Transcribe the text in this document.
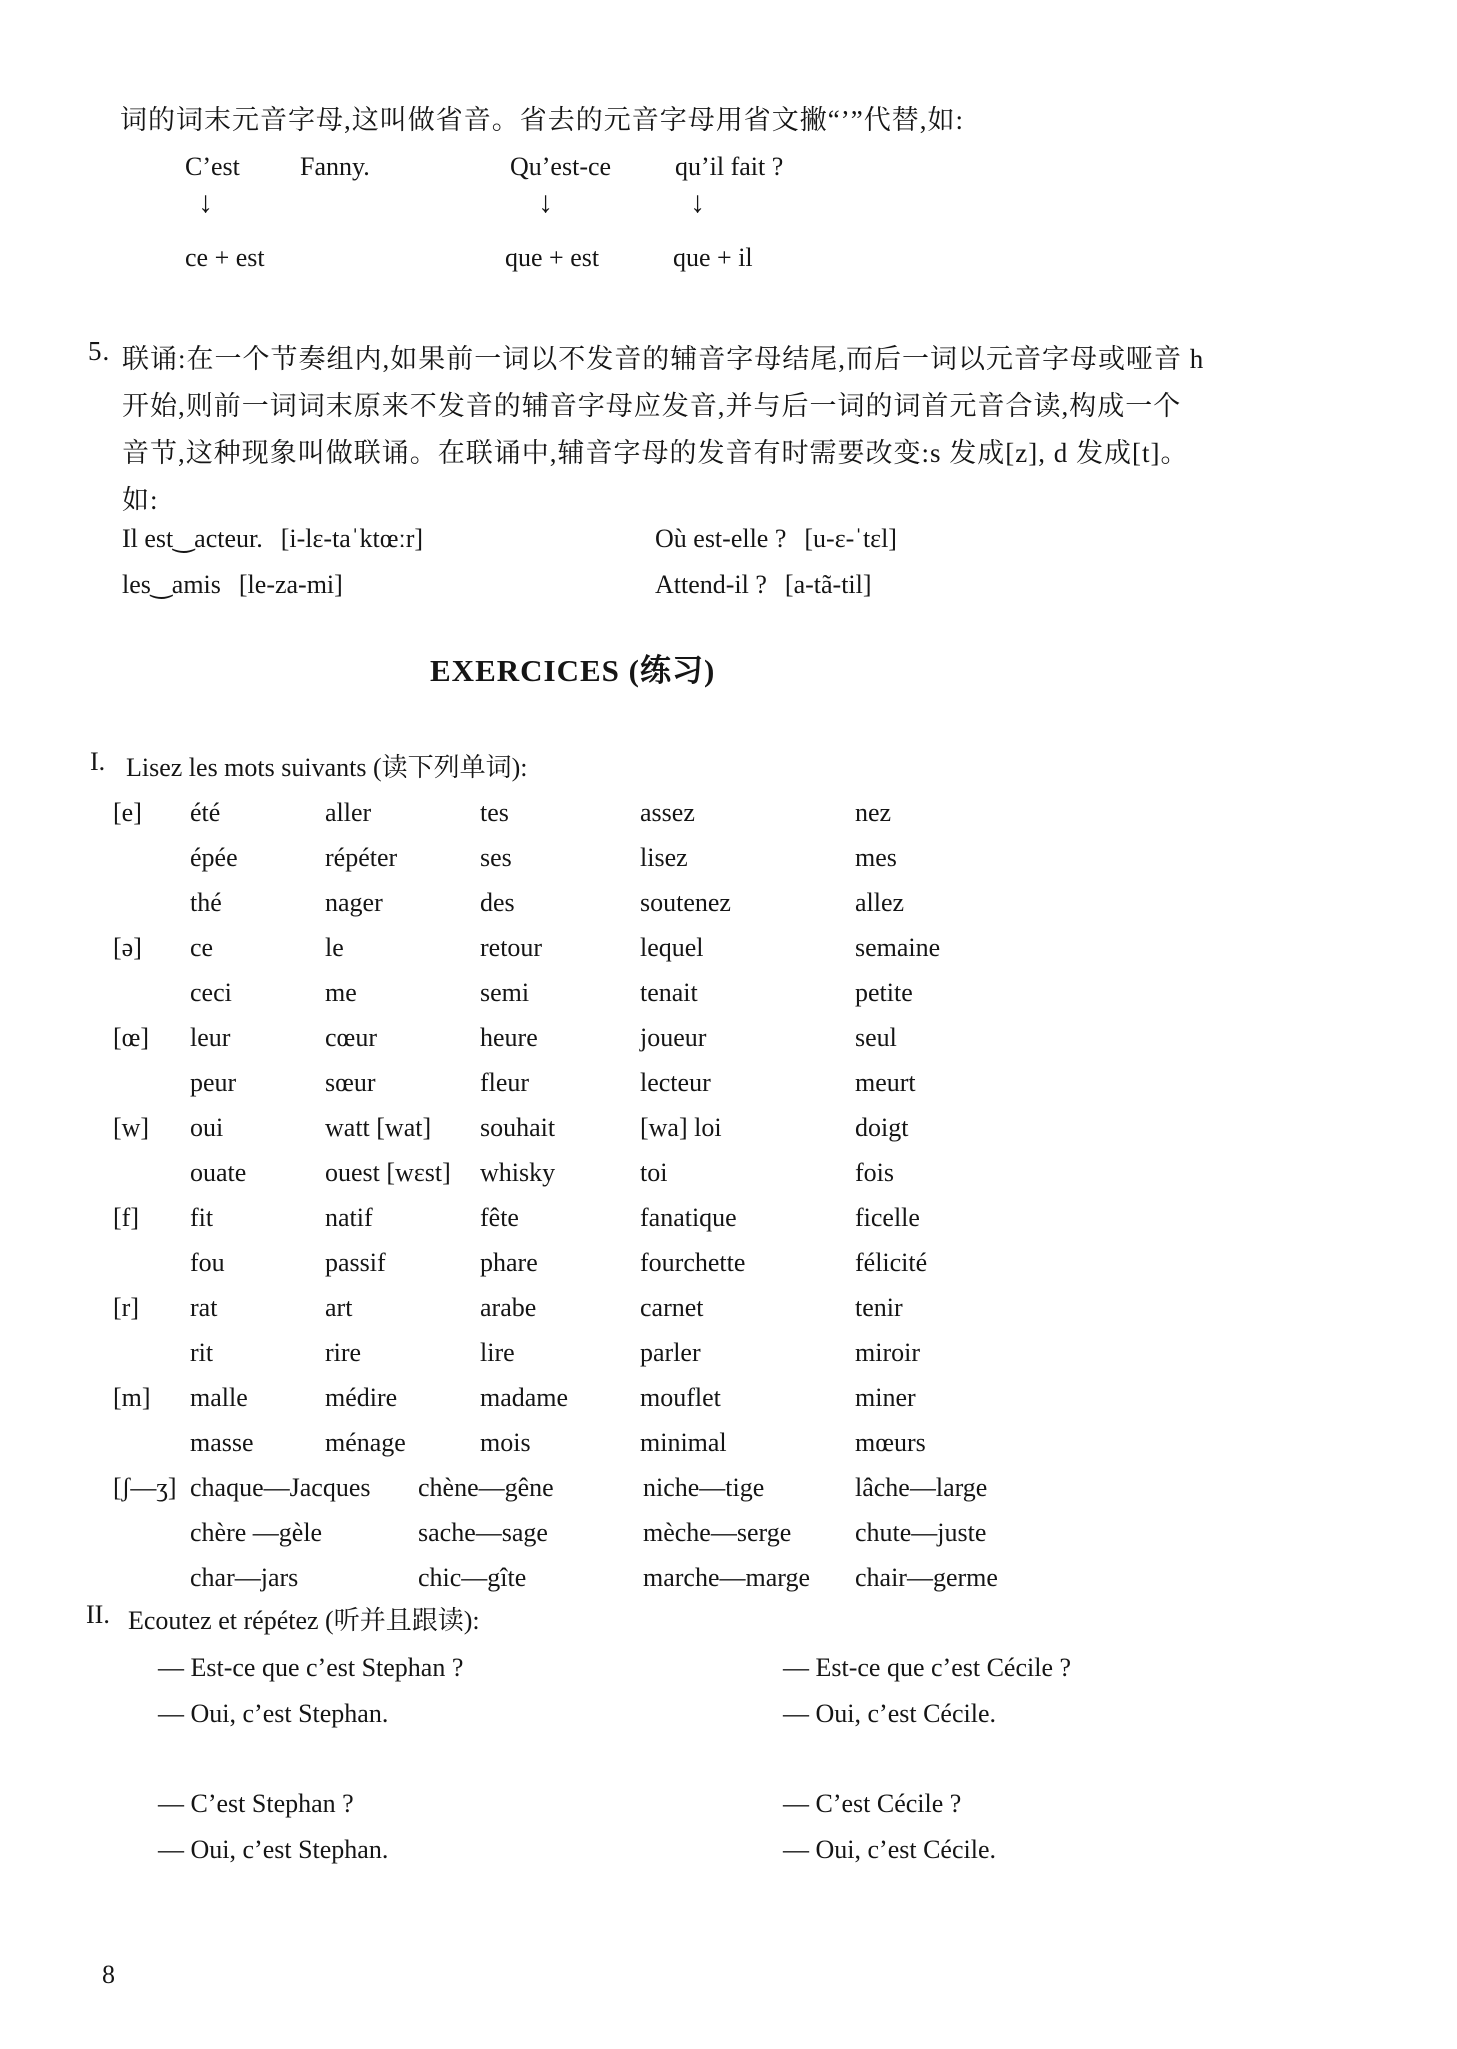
词的词末元音字母,这叫做省音。省去的元音字母用省文撇“’”代替,如:
C’est Fanny.	Qu’est-ce qu’il fait ?
↓	↓	↓
ce + est	que + est	que + il
5. 联诵:在一个节奏组内,如果前一词以不发音的辅音字母结尾,而后一词以元音字母或哑音 h
开始,则前一词词末原来不发音的辅音字母应发音,并与后一词的词首元音合读,构成一个
音节,这种现象叫做联诵。在联诵中,辅音字母的发音有时需要改变:s 发成[z], d 发成[t]。
如:
Il est‿acteur. [i-lɛ-taˈktœːr]
les‿amis [le-za-mi]
Où est-elle ? [u-ɛ-ˈtɛl]
Attend-il ? [a-tã-til]
EXERCICES (练习)
I. Lisez les mots suivants (读下列单词):
[e]	été	aller	tes	assez	nez
épée	répéter	ses	lisez	mes
thé	nager	des	soutenez	allez
[ə]	ce	le	retour	lequel	semaine
ceci	me	semi	tenait	petite
[œ]	leur	cœur	heure	joueur	seul
peur	sœur	fleur	lecteur	meurt
[w]	oui	watt [wat]	souhait	[wa] loi	doigt
ouate	ouest [wɛst]	whisky	toi	fois
[f]	fit	natif	fête	fanatique	ficelle
fou	passif	phare	fourchette	félicité
[r]	rat	art	arabe	carnet	tenir
rit	rire	lire	parler	miroir
[m]	malle	médire	madame	mouflet	miner
masse	ménage	mois	minimal	mœurs
[ʃ—ʒ] chaque—Jacques	chène—gêne	niche—tige	lâche—large
chère —gèle	sache—sage	mèche—serge	chute—juste
char—jars	chic—gîte	marche—marge	chair—germe
II. Ecoutez et répétez (听并且跟读):
— Est-ce que c’est Stephan ?
— Oui, c’est Stephan.
— C’est Stephan ?
— Oui, c’est Stephan.
— Est-ce que c’est Cécile ?
— Oui, c’est Cécile.
— C’est Cécile ?
— Oui, c’est Cécile.
8
